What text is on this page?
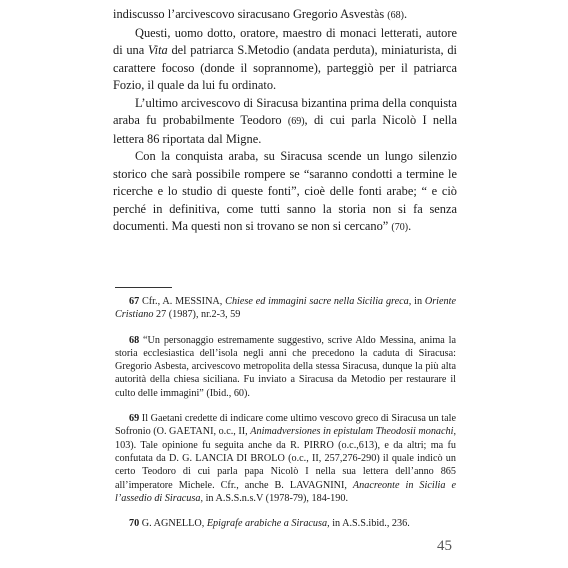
indiscusso l’arcivescovo siracusano Gregorio Asvestàs (68).

Questi, uomo dotto, oratore, maestro di monaci letterati, autore di una Vita del patriarca S.Metodio (andata perduta), miniaturista, di carattere focoso (donde il soprannome), parteggiò per il patriarca Fozio, il quale da lui fu ordinato.

L’ultimo arcivescovo di Siracusa bizantina prima della conquista araba fu probabilmente Teodoro (69), di cui parla Nicolò I nella lettera 86 riportata dal Migne.

Con la conquista araba, su Siracusa scende un lungo silenzio storico che sarà possibile rompere se “saranno condotti a termine le ricerche e lo studio di queste fonti”, cioè delle fonti arabe; “ e ciò perché in definitiva, come tutti sanno la storia non si fa senza documenti. Ma questi non si trovano se non si cercano” (70).

67 Cfr., A. MESSINA, Chiese ed immagini sacre nella Sicilia greca, in Oriente Cristiano 27 (1987), nr.2-3, 59

68 “Un personaggio estremamente suggestivo, scrive Aldo Messina, anima la storia ecclesiastica dell’isola negli anni che precedono la caduta di Siracusa: Gregorio Asbesta, arcivescovo metropolita della stessa Siracusa, dunque la più alta autorità della chiesa siciliana. Fu inviato a Siracusa da Metodio per restaurare il culto delle immagini” (Ibid., 60).

69 Il Gaetani credette di indicare come ultimo vescovo greco di Siracusa un tale Sofronio (O. GAETANI, o.c., II, Animadversiones in epistulam Theodosii monachi, 103). Tale opinione fu seguita anche da R. PIRRO (o.c.,613), e da altri; ma fu confutata da D. G. LANCIA DI BROLO (o.c., II, 257,276-290) il quale indicò un certo Teodoro di cui parla papa Nicolò I nella sua lettera dell’anno 865 all’imperatore Michele. Cfr., anche B. LAVAGNINI, Anacreonte in Sicilia e l’assedio di Siracusa, in A.S.S.n.s.V (1978-79), 184-190.

70 G. AGNELLO, Epigrafe arabiche a Siracusa, in A.S.S.ibid., 236.

45
